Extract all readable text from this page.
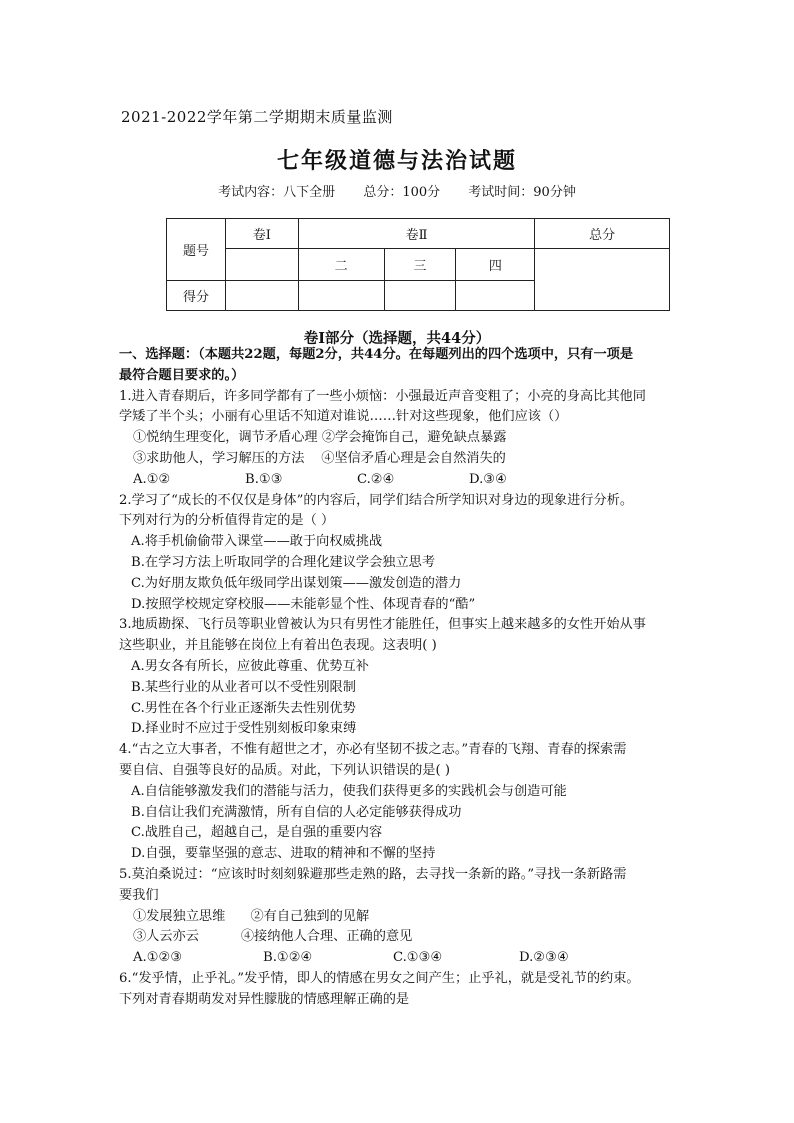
2021-2022学年第二学期期末质量监测
七年级道德与法治试题
考试内容：八下全册 总分：100分 考试时间：90分钟
题号	卷Ⅰ	卷Ⅱ			总分
		二	三	四	
得分					
卷Ⅰ部分（选择题，共44分）

一、选择题：（本题共22题，每题2分，共44分。在每题列出的四个选项中，只有一项是

最符合题目要求的。）

1.进入青春期后，许多同学都有了一些小烦恼：小强最近声音变粗了；小亮的身高比其他同

学矮了半个头；小丽有心里话不知道对谁说……针对这些现象，他们应该（）

①悦纳生理变化，调节矛盾心理 ②学会掩饰自己，避免缺点暴露

③求助他人，学习解压的方法    ④坚信矛盾心理是会自然消失的

A.①②	B.①③	C.②④	D.③④

2.学习了“成长的不仅仅是身体”的内容后，同学们结合所学知识对身边的现象进行分析。

下列对行为的分析值得肯定的是（ ）

A.将手机偷偷带入课堂——敢于向权威挑战

B.在学习方法上听取同学的合理化建议学会独立思考

C.为好朋友欺负低年级同学出谋划策——激发创造的潜力

D.按照学校规定穿校服——未能彰显个性、体现青春的“酷”

3.地质勘探、飞行员等职业曾被认为只有男性才能胜任，但事实上越来越多的女性开始从事

这些职业，并且能够在岗位上有着出色表现。这表明( )

A.男女各有所长，应彼此尊重、优势互补

B.某些行业的从业者可以不受性别限制

C.男性在各个行业正逐渐失去性别优势

D.择业时不应过于受性别刻板印象束缚

4.“古之立大事者，不惟有超世之才，亦必有坚韧不拔之志。”青春的飞翔、青春的探索需

要自信、自强等良好的品质。对此，下列认识错误的是( )

A.自信能够激发我们的潜能与活力，使我们获得更多的实践机会与创造可能

B.自信让我们充满激情，所有自信的人必定能够获得成功

C.战胜自己，超越自己，是自强的重要内容

D.自强，要靠坚强的意志、进取的精神和不懈的坚持

5.莫泊桑说过：“应该时时刻刻躲避那些走熟的路，去寻找一条新的路。”寻找一条新路需

要我们

①发展独立思维      ②有自己独到的见解

③人云亦云          ④接纳他人合理、正确的意见

A.①②③	B.①②④	C.①③④	D.②③④

6.“发乎情，止乎礼。”发乎情，即人的情感在男女之间产生；止乎礼，就是受礼节的约束。

下列对青春期萌发对异性朦胧的情感理解正确的是
